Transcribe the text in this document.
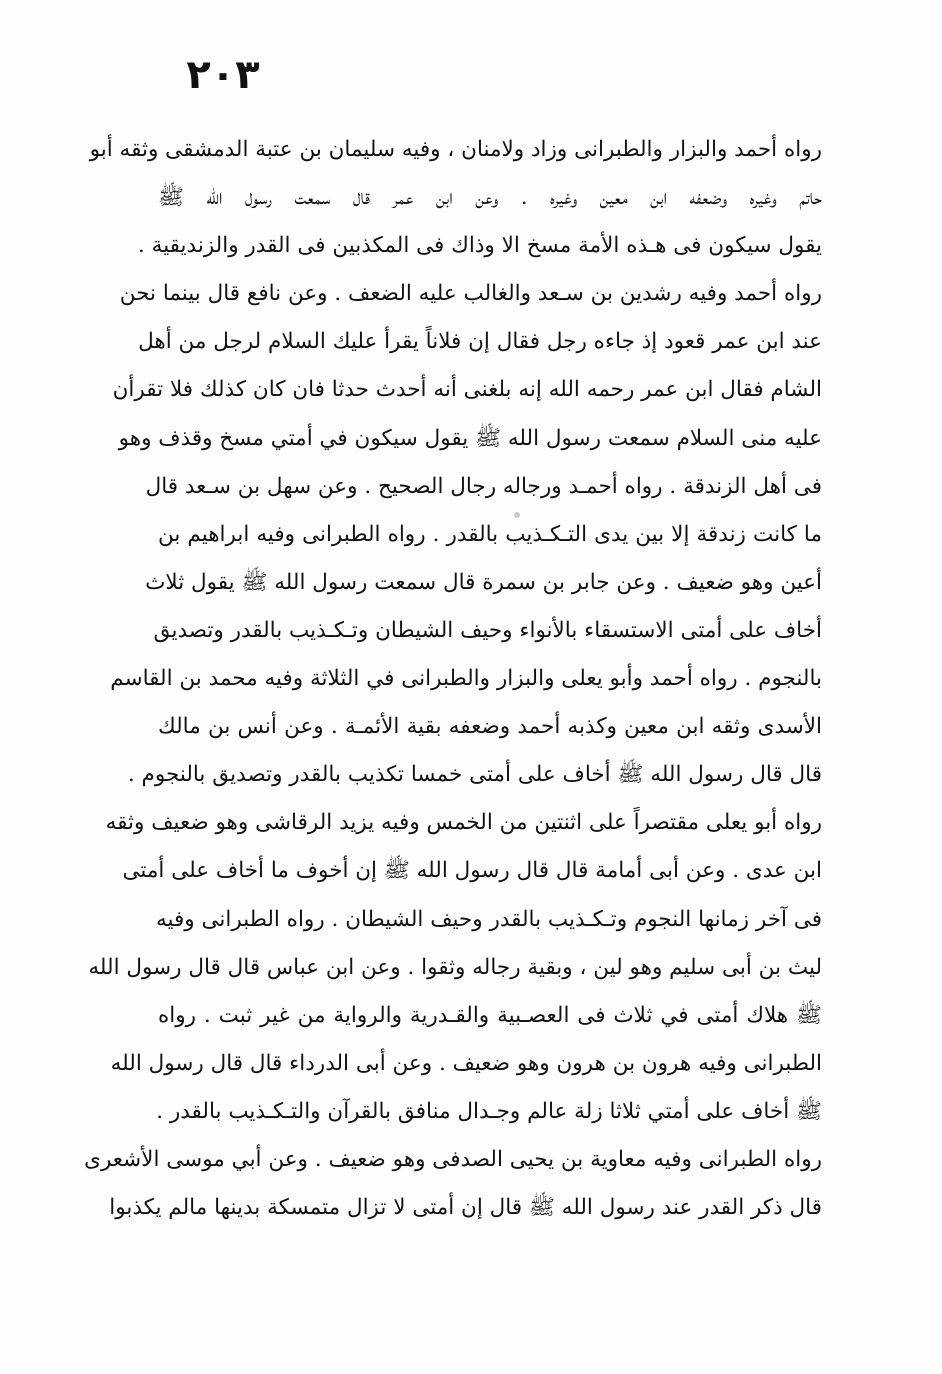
٢٠٣
رواه أحمد والبزار والطبرانى وزاد ولامنان ، وفيه سليمان بن عتبة الدمشقى وثقه أبو
حاتم وغيره وضعفه ابن معين وغيره . وعن ابن عمر قال سمعت رسول الله ﷺ
يقول سيكون فى هـذه الأمة مسخ الا وذاك فى المكذبين فى القدر والزنديقية .
رواه أحمد وفيه رشدين بن سـعد والغالب عليه الضعف . وعن نافع قال بينما نحن
عند ابن عمر قعود إذ جاءه رجل فقال إن فلاناً يقرأ عليك السلام لرجل من أهل
الشام فقال ابن عمر رحمه الله إنه بلغنى أنه أحدث حدثا فان كان كذلك فلا تقرأن
عليه منى السلام سمعت رسول الله ﷺ يقول سيكون في أمتي مسخ وقذف وهو
فى أهل الزندقة . رواه أحمـد ورجاله رجال الصحيح . وعن سهل بن سـعد قال
ما كانت زندقة إلا بين يدى التـكـذيب بالقدر . رواه الطبرانى وفيه ابراهيم بن
أعين وهو ضعيف . وعن جابر بن سمرة قال سمعت رسول الله ﷺ يقول ثلاث
أخاف على أمتى الاستسقاء بالأنواء وحيف الشيطان وتـكـذيب بالقدر وتصديق
بالنجوم . رواه أحمد وأبو يعلى والبزار والطبرانى في الثلاثة وفيه محمد بن القاسم
الأسدى وثقه ابن معين وكذبه أحمد وضعفه بقية الأئمـة . وعن أنس بن مالك
قال قال رسول الله ﷺ أخاف على أمتى خمسا تكذيب بالقدر وتصديق بالنجوم .
رواه أبو يعلى مقتصراً على اثنتين من الخمس وفيه يزيد الرقاشى وهو ضعيف وثقه
ابن عدى . وعن أبى أمامة قال قال رسول الله ﷺ إن أخوف ما أخاف على أمتى
فى آخر زمانها النجوم وتـكـذيب بالقدر وحيف الشيطان . رواه الطبرانى وفيه
ليث بن أبى سليم وهو لين ، وبقية رجاله وثقوا . وعن ابن عباس قال قال رسول الله
ﷺ هلاك أمتى في ثلاث فى العصـبية والقـدرية والرواية من غير ثبت . رواه
الطبرانى وفيه هرون بن هرون وهو ضعيف . وعن أبى الدرداء قال قال رسول الله
ﷺ أخاف على أمتي ثلاثا زلة عالم وجـدال منافق بالقرآن والتـكـذيب بالقدر .
رواه الطبرانى وفيه معاوية بن يحيى الصدفى وهو ضعيف . وعن أبي موسى الأشعرى
قال ذكر القدر عند رسول الله ﷺ قال إن أمتى لا تزال متمسكة بدينها مالم يكذبوا
